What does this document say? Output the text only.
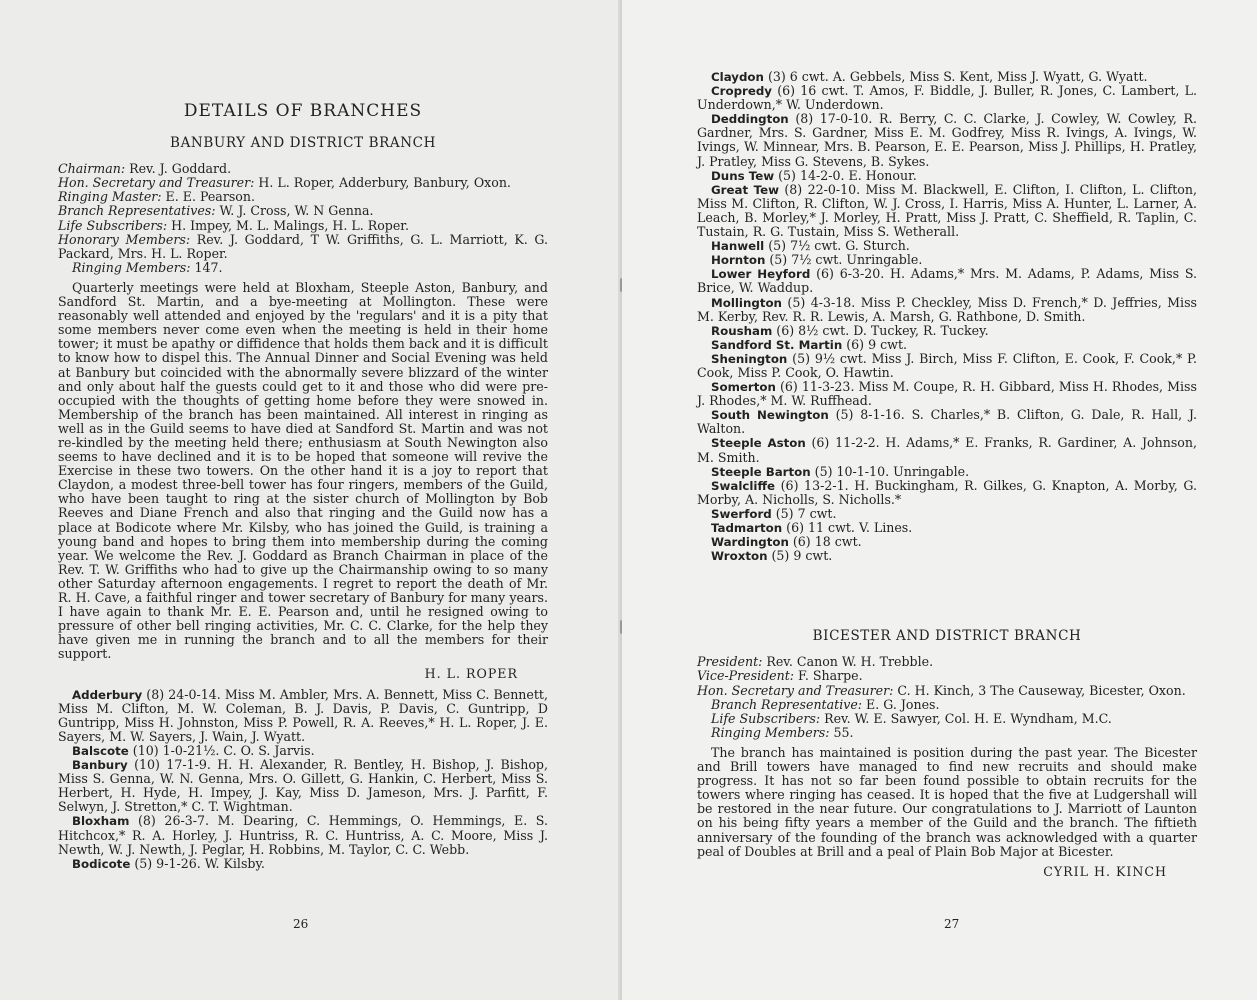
DETAILS OF BRANCHES
BANBURY AND DISTRICT BRANCH

Chairman: Rev. J. Goddard.

Hon. Secretary and Treasurer: H. L. Roper, Adderbury, Banbury, Oxon.

Ringing Master: E. E. Pearson.

Branch Representatives: W. J. Cross, W. N Genna.

Life Subscribers: H. Impey, M. L. Malings, H. L. Roper.

Honorary Members: Rev. J. Goddard, T W. Griffiths, G. L. Marriott, K. G. Packard, Mrs. H. L. Roper.

Ringing Members: 147.

Quarterly meetings were held at Bloxham, Steeple Aston, Banbury, and Sandford St. Martin, and a bye-meeting at Mollington. These were reasonably well attended and enjoyed by the 'regulars' and it is a pity that some members never come even when the meeting is held in their home tower; it must be apathy or diffidence that holds them back and it is difficult to know how to dispel this. The Annual Dinner and Social Evening was held at Banbury but coincided with the abnormally severe blizzard of the winter and only about half the guests could get to it and those who did were pre-occupied with the thoughts of getting home before they were snowed in. Membership of the branch has been maintained. All interest in ringing as well as in the Guild seems to have died at Sandford St. Martin and was not re-kindled by the meeting held there; enthusiasm at South Newington also seems to have declined and it is to be hoped that someone will revive the Exercise in these two towers. On the other hand it is a joy to report that Claydon, a modest three-bell tower has four ringers, members of the Guild, who have been taught to ring at the sister church of Mollington by Bob Reeves and Diane French and also that ringing and the Guild now has a place at Bodicote where Mr. Kilsby, who has joined the Guild, is training a young band and hopes to bring them into membership during the coming year. We welcome the Rev. J. Goddard as Branch Chairman in place of the Rev. T. W. Griffiths who had to give up the Chairmanship owing to so many other Saturday afternoon engagements. I regret to report the death of Mr. R. H. Cave, a faithful ringer and tower secretary of Banbury for many years. I have again to thank Mr. E. E. Pearson and, until he resigned owing to pressure of other bell ringing activities, Mr. C. C. Clarke, for the help they have given me in running the branch and to all the members for their support.

H. L. ROPER

Adderbury (8) 24-0-14. Miss M. Ambler, Mrs. A. Bennett, Miss C. Bennett, Miss M. Clifton, M. W. Coleman, B. J. Davis, P. Davis, C. Guntripp, D Guntripp, Miss H. Johnston, Miss P. Powell, R. A. Reeves,* H. L. Roper, J. E. Sayers, M. W. Sayers, J. Wain, J. Wyatt.

Balscote (10) 1-0-21½. C. O. S. Jarvis.

Banbury (10) 17-1-9. H. H. Alexander, R. Bentley, H. Bishop, J. Bishop, Miss S. Genna, W. N. Genna, Mrs. O. Gillett, G. Hankin, C. Herbert, Miss S. Herbert, H. Hyde, H. Impey, J. Kay, Miss D. Jameson, Mrs. J. Parfitt, F. Selwyn, J. Stretton,* C. T. Wightman.

Bloxham (8) 26-3-7. M. Dearing, C. Hemmings, O. Hemmings, E. S. Hitchcox,* R. A. Horley, J. Huntriss, R. C. Huntriss, A. C. Moore, Miss J. Newth, W. J. Newth, J. Peglar, H. Robbins, M. Taylor, C. C. Webb.

Bodicote (5) 9-1-26. W. Kilsby.

26

Claydon (3) 6 cwt. A. Gebbels, Miss S. Kent, Miss J. Wyatt, G. Wyatt.

Cropredy (6) 16 cwt. T. Amos, F. Biddle, J. Buller, R. Jones, C. Lambert, L. Underdown,* W. Underdown.

Deddington (8) 17-0-10. R. Berry, C. C. Clarke, J. Cowley, W. Cowley, R. Gardner, Mrs. S. Gardner, Miss E. M. Godfrey, Miss R. Ivings, A. Ivings, W. Ivings, W. Minnear, Mrs. B. Pearson, E. E. Pearson, Miss J. Phillips, H. Pratley, J. Pratley, Miss G. Stevens, B. Sykes.

Duns Tew (5) 14-2-0. E. Honour.

Great Tew (8) 22-0-10. Miss M. Blackwell, E. Clifton, I. Clifton, L. Clifton, Miss M. Clifton, R. Clifton, W. J. Cross, I. Harris, Miss A. Hunter, L. Larner, A. Leach, B. Morley,* J. Morley, H. Pratt, Miss J. Pratt, C. Sheffield, R. Taplin, C. Tustain, R. G. Tustain, Miss S. Wetherall.

Hanwell (5) 7½ cwt. G. Sturch.

Hornton (5) 7½ cwt. Unringable.

Lower Heyford (6) 6-3-20. H. Adams,* Mrs. M. Adams, P. Adams, Miss S. Brice, W. Waddup.

Mollington (5) 4-3-18. Miss P. Checkley, Miss D. French,* D. Jeffries, Miss M. Kerby, Rev. R. R. Lewis, A. Marsh, G. Rathbone, D. Smith.

Rousham (6) 8½ cwt. D. Tuckey, R. Tuckey.

Sandford St. Martin (6) 9 cwt.

Shenington (5) 9½ cwt. Miss J. Birch, Miss F. Clifton, E. Cook, F. Cook,* P. Cook, Miss P. Cook, O. Hawtin.

Somerton (6) 11-3-23. Miss M. Coupe, R. H. Gibbard, Miss H. Rhodes, Miss J. Rhodes,* M. W. Ruffhead.

South Newington (5) 8-1-16. S. Charles,* B. Clifton, G. Dale, R. Hall, J. Walton.

Steeple Aston (6) 11-2-2. H. Adams,* E. Franks, R. Gardiner, A. Johnson, M. Smith.

Steeple Barton (5) 10-1-10. Unringable.

Swalcliffe (6) 13-2-1. H. Buckingham, R. Gilkes, G. Knapton, A. Morby, G. Morby, A. Nicholls, S. Nicholls.*

Swerford (5) 7 cwt.

Tadmarton (6) 11 cwt. V. Lines.

Wardington (6) 18 cwt.

Wroxton (5) 9 cwt.

BICESTER AND DISTRICT BRANCH

President: Rev. Canon W. H. Trebble.

Vice-President: F. Sharpe.

Hon. Secretary and Treasurer: C. H. Kinch, 3 The Causeway, Bicester, Oxon.

Branch Representative: E. G. Jones.

Life Subscribers: Rev. W. E. Sawyer, Col. H. E. Wyndham, M.C.

Ringing Members: 55.

The branch has maintained is position during the past year. The Bicester and Brill towers have managed to find new recruits and should make progress. It has not so far been found possible to obtain recruits for the towers where ringing has ceased. It is hoped that the five at Ludgershall will be restored in the near future. Our congratulations to J. Marriott of Launton on his being fifty years a member of the Guild and the branch. The fiftieth anniversary of the founding of the branch was acknowledged with a quarter peal of Doubles at Brill and a peal of Plain Bob Major at Bicester.

CYRIL H. KINCH
27
